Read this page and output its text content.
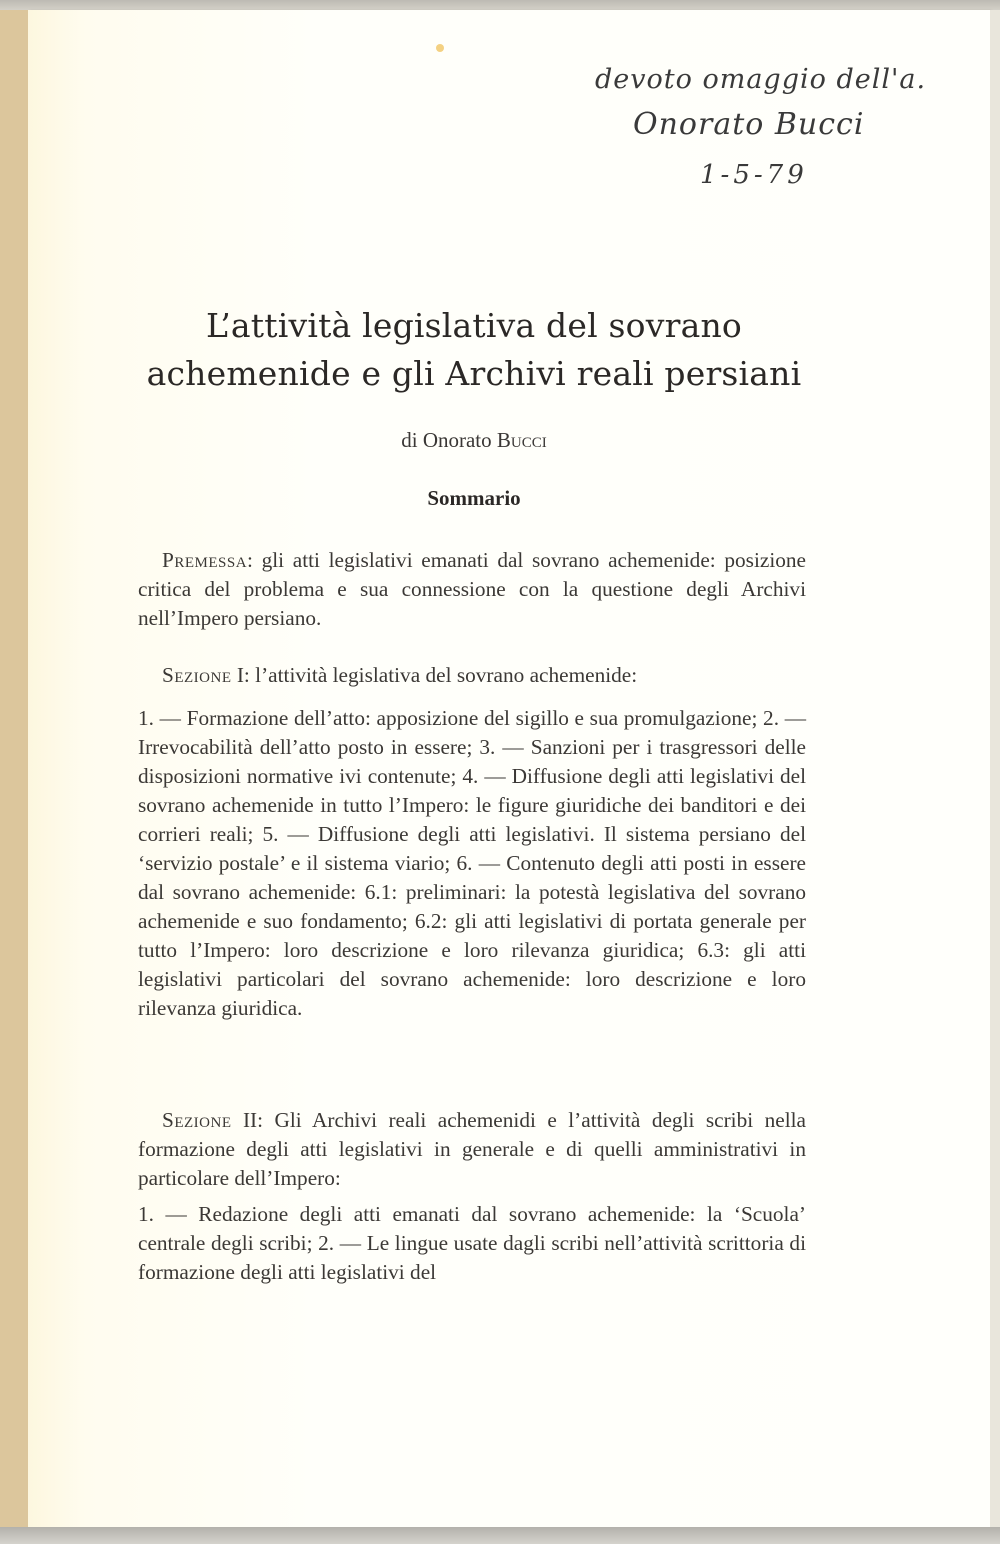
devoto omaggio dell'a.
Onorato Bucci
1-5-79
L’attività legislativa del sovrano
achemenide e gli Archivi reali persiani
di Onorato Bucci
Sommario
Premessa: gli atti legislativi emanati dal sovrano achemenide: posizione critica del problema e sua connessione con la questione degli Archivi nell’Impero persiano.
Sezione I: l’attività legislativa del sovrano achemenide:
1. — Formazione dell’atto: apposizione del sigillo e sua promulgazione; 2. — Irrevocabilità dell’atto posto in essere; 3. — Sanzioni per i trasgressori delle disposizioni normative ivi contenute; 4. — Diffusione degli atti legislativi del sovrano achemenide in tutto l’Impero: le figure giuridiche dei banditori e dei corrieri reali; 5. — Diffusione degli atti legislativi. Il sistema persiano del ‘servizio postale’ e il sistema viario; 6. — Contenuto degli atti posti in essere dal sovrano achemenide: 6.1: preliminari: la potestà legislativa del sovrano achemenide e suo fondamento; 6.2: gli atti legislativi di portata generale per tutto l’Impero: loro descrizione e loro rilevanza giuridica; 6.3: gli atti legislativi particolari del sovrano achemenide: loro descrizione e loro rilevanza giuridica.
Sezione II: Gli Archivi reali achemenidi e l’attività degli scribi nella formazione degli atti legislativi in generale e di quelli amministrativi in particolare dell’Impero:
1. — Redazione degli atti emanati dal sovrano achemenide: la ‘Scuola’ centrale degli scribi; 2. — Le lingue usate dagli scribi nell’attività scrittoria di formazione degli atti legislativi del
